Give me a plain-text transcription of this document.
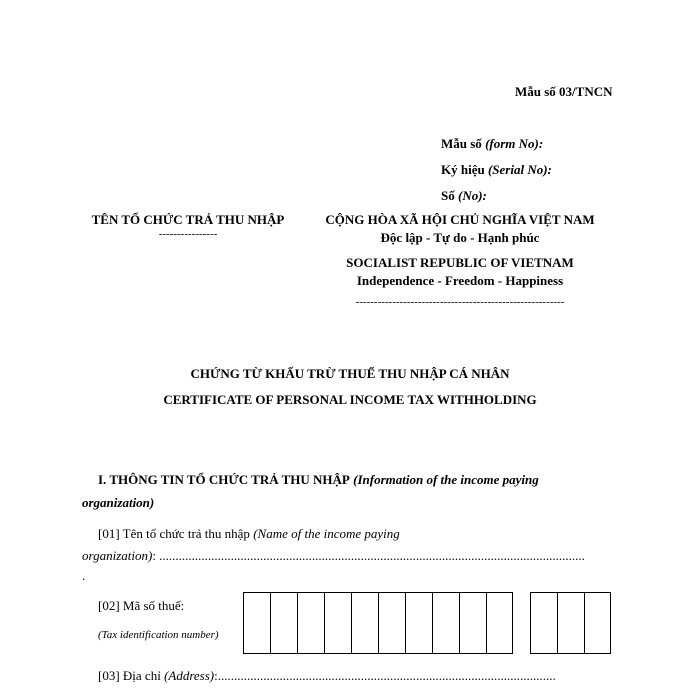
Mẫu số 03/TNCN
Mẫu số (form No):
Ký hiệu (Serial No):
Số (No):
TÊN TỔ CHỨC TRẢ THU NHẬP
----------------
CỘNG HÒA XÃ HỘI CHỦ NGHĨA VIỆT NAM
Độc lập - Tự do - Hạnh phúc
SOCIALIST REPUBLIC OF VIETNAM
Independence - Freedom - Happiness
---------------------------------------------------------
CHỨNG TỪ KHẤU TRỪ THUẾ THU NHẬP CÁ NHÂN
CERTIFICATE OF PERSONAL INCOME TAX WITHHOLDING
I. THÔNG TIN TỔ CHỨC TRẢ THU NHẬP (Information of the income paying
organization)
[01] Tên tổ chức trả thu nhập (Name of the income paying
organization): ...................................................................................................................................
.
[02] Mã số thuế:
(Tax identification number)
[03] Địa chỉ (Address):........................................................................................................
